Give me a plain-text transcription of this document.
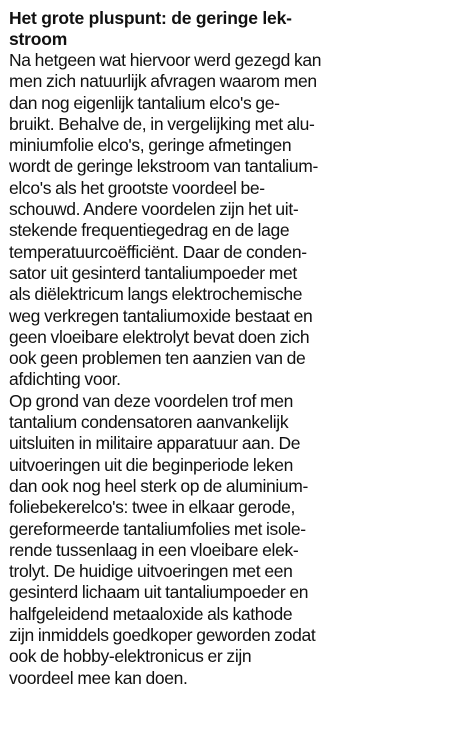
Het grote pluspunt: de geringe lek-
stroom

Na hetgeen wat hiervoor werd gezegd kan
men zich natuurlijk afvragen waarom men
dan nog eigenlijk tantalium elco's ge-
bruikt. Behalve de, in vergelijking met alu-
miniumfolie elco's, geringe afmetingen
wordt de geringe lekstroom van tantalium-
elco's als het grootste voordeel be-
schouwd. Andere voordelen zijn het uit-
stekende frequentiegedrag en de lage
temperatuurcoëfficiënt. Daar de conden-
sator uit gesinterd tantaliumpoeder met
als diëlektricum langs elektrochemische
weg verkregen tantaliumoxide bestaat en
geen vloeibare elektrolyt bevat doen zich
ook geen problemen ten aanzien van de
afdichting voor.

Op grond van deze voordelen trof men
tantalium condensatoren aanvankelijk
uitsluiten in militaire apparatuur aan. De
uitvoeringen uit die beginperiode leken
dan ook nog heel sterk op de aluminium-
foliebekerelco's: twee in elkaar gerode,
gereformeerde tantaliumfolies met isole-
rende tussenlaag in een vloeibare elek-
trolyt. De huidige uitvoeringen met een
gesinterd lichaam uit tantaliumpoeder en
halfgeleidend metaaloxide als kathode
zijn inmiddels goedkoper geworden zodat
ook de hobby-elektronicus er zijn
voordeel mee kan doen.
